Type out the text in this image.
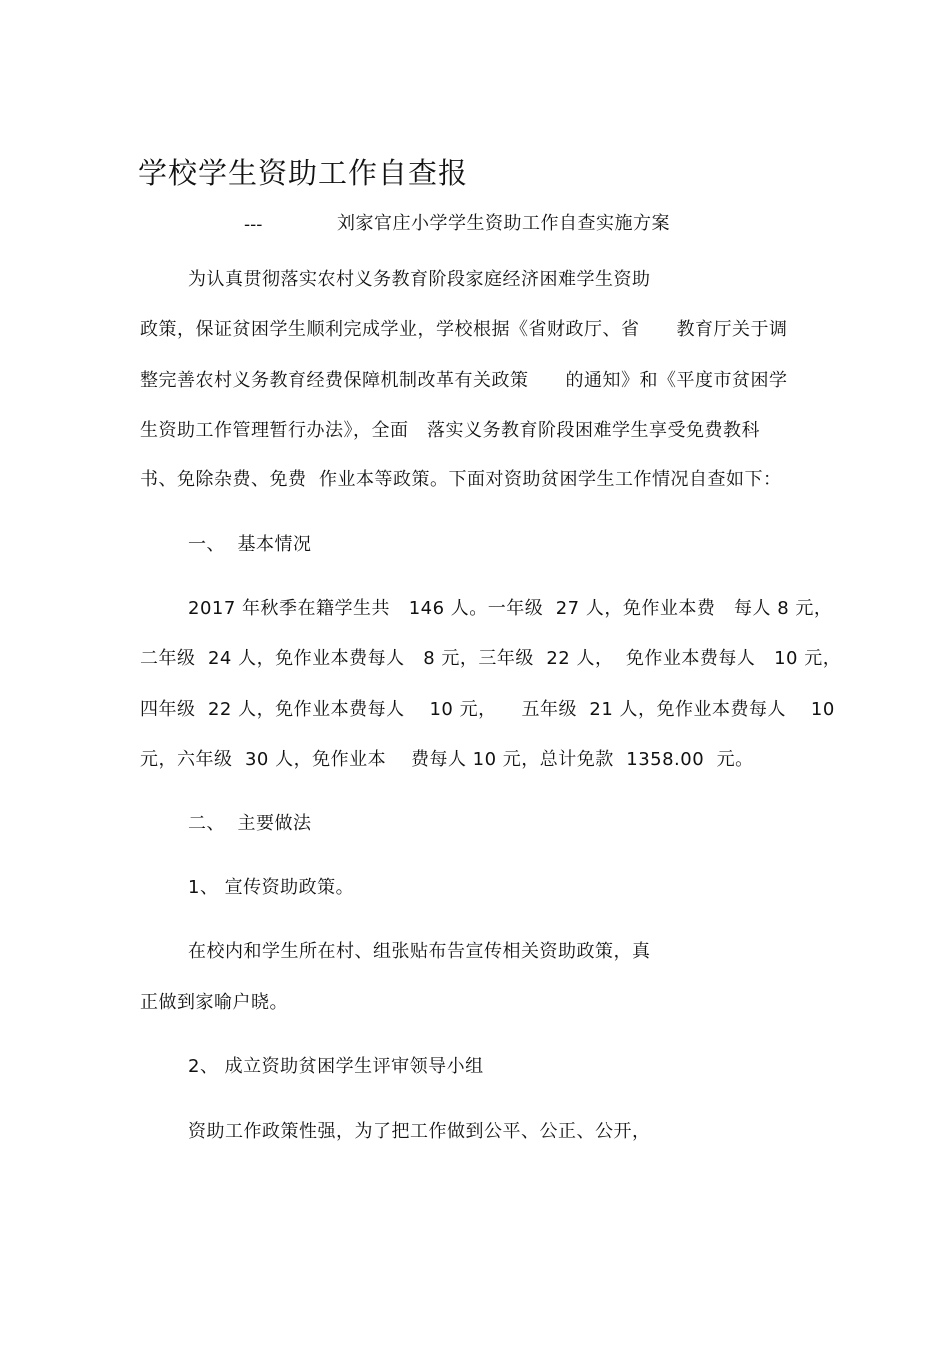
学校学生资助工作自查报
---	刘家官庄小学学生资助工作自查实施方案
为认真贯彻落实农村义务教育阶段家庭经济困难学生资助
政策，保证贫困学生顺利完成学业，学校根据《省财政厅、省　　教育厅关于调
整完善农村义务教育经费保障机制改革有关政策　　的通知》和《平度市贫困学
生资助工作管理暂行办法》，全面　落实义务教育阶段困难学生享受免费教科
书、免除杂费、免费  作业本等政策。下面对资助贫困学生工作情况自查如下：
一、  基本情况
2017 年秋季在籍学生共   146 人。一年级  27 人，免作业本费   每人 8 元，
二年级  24 人，免作业本费每人   8 元，三年级  22 人，  免作业本费每人   10 元，
四年级  22 人，免作业本费每人    10 元，    五年级  21 人，免作业本费每人    10
元，六年级  30 人，免作业本    费每人 10 元，总计免款  1358.00  元。
二、  主要做法
1、 宣传资助政策。
在校内和学生所在村、组张贴布告宣传相关资助政策，真
正做到家喻户晓。
2、 成立资助贫困学生评审领导小组
资助工作政策性强，为了把工作做到公平、公正、公开，
